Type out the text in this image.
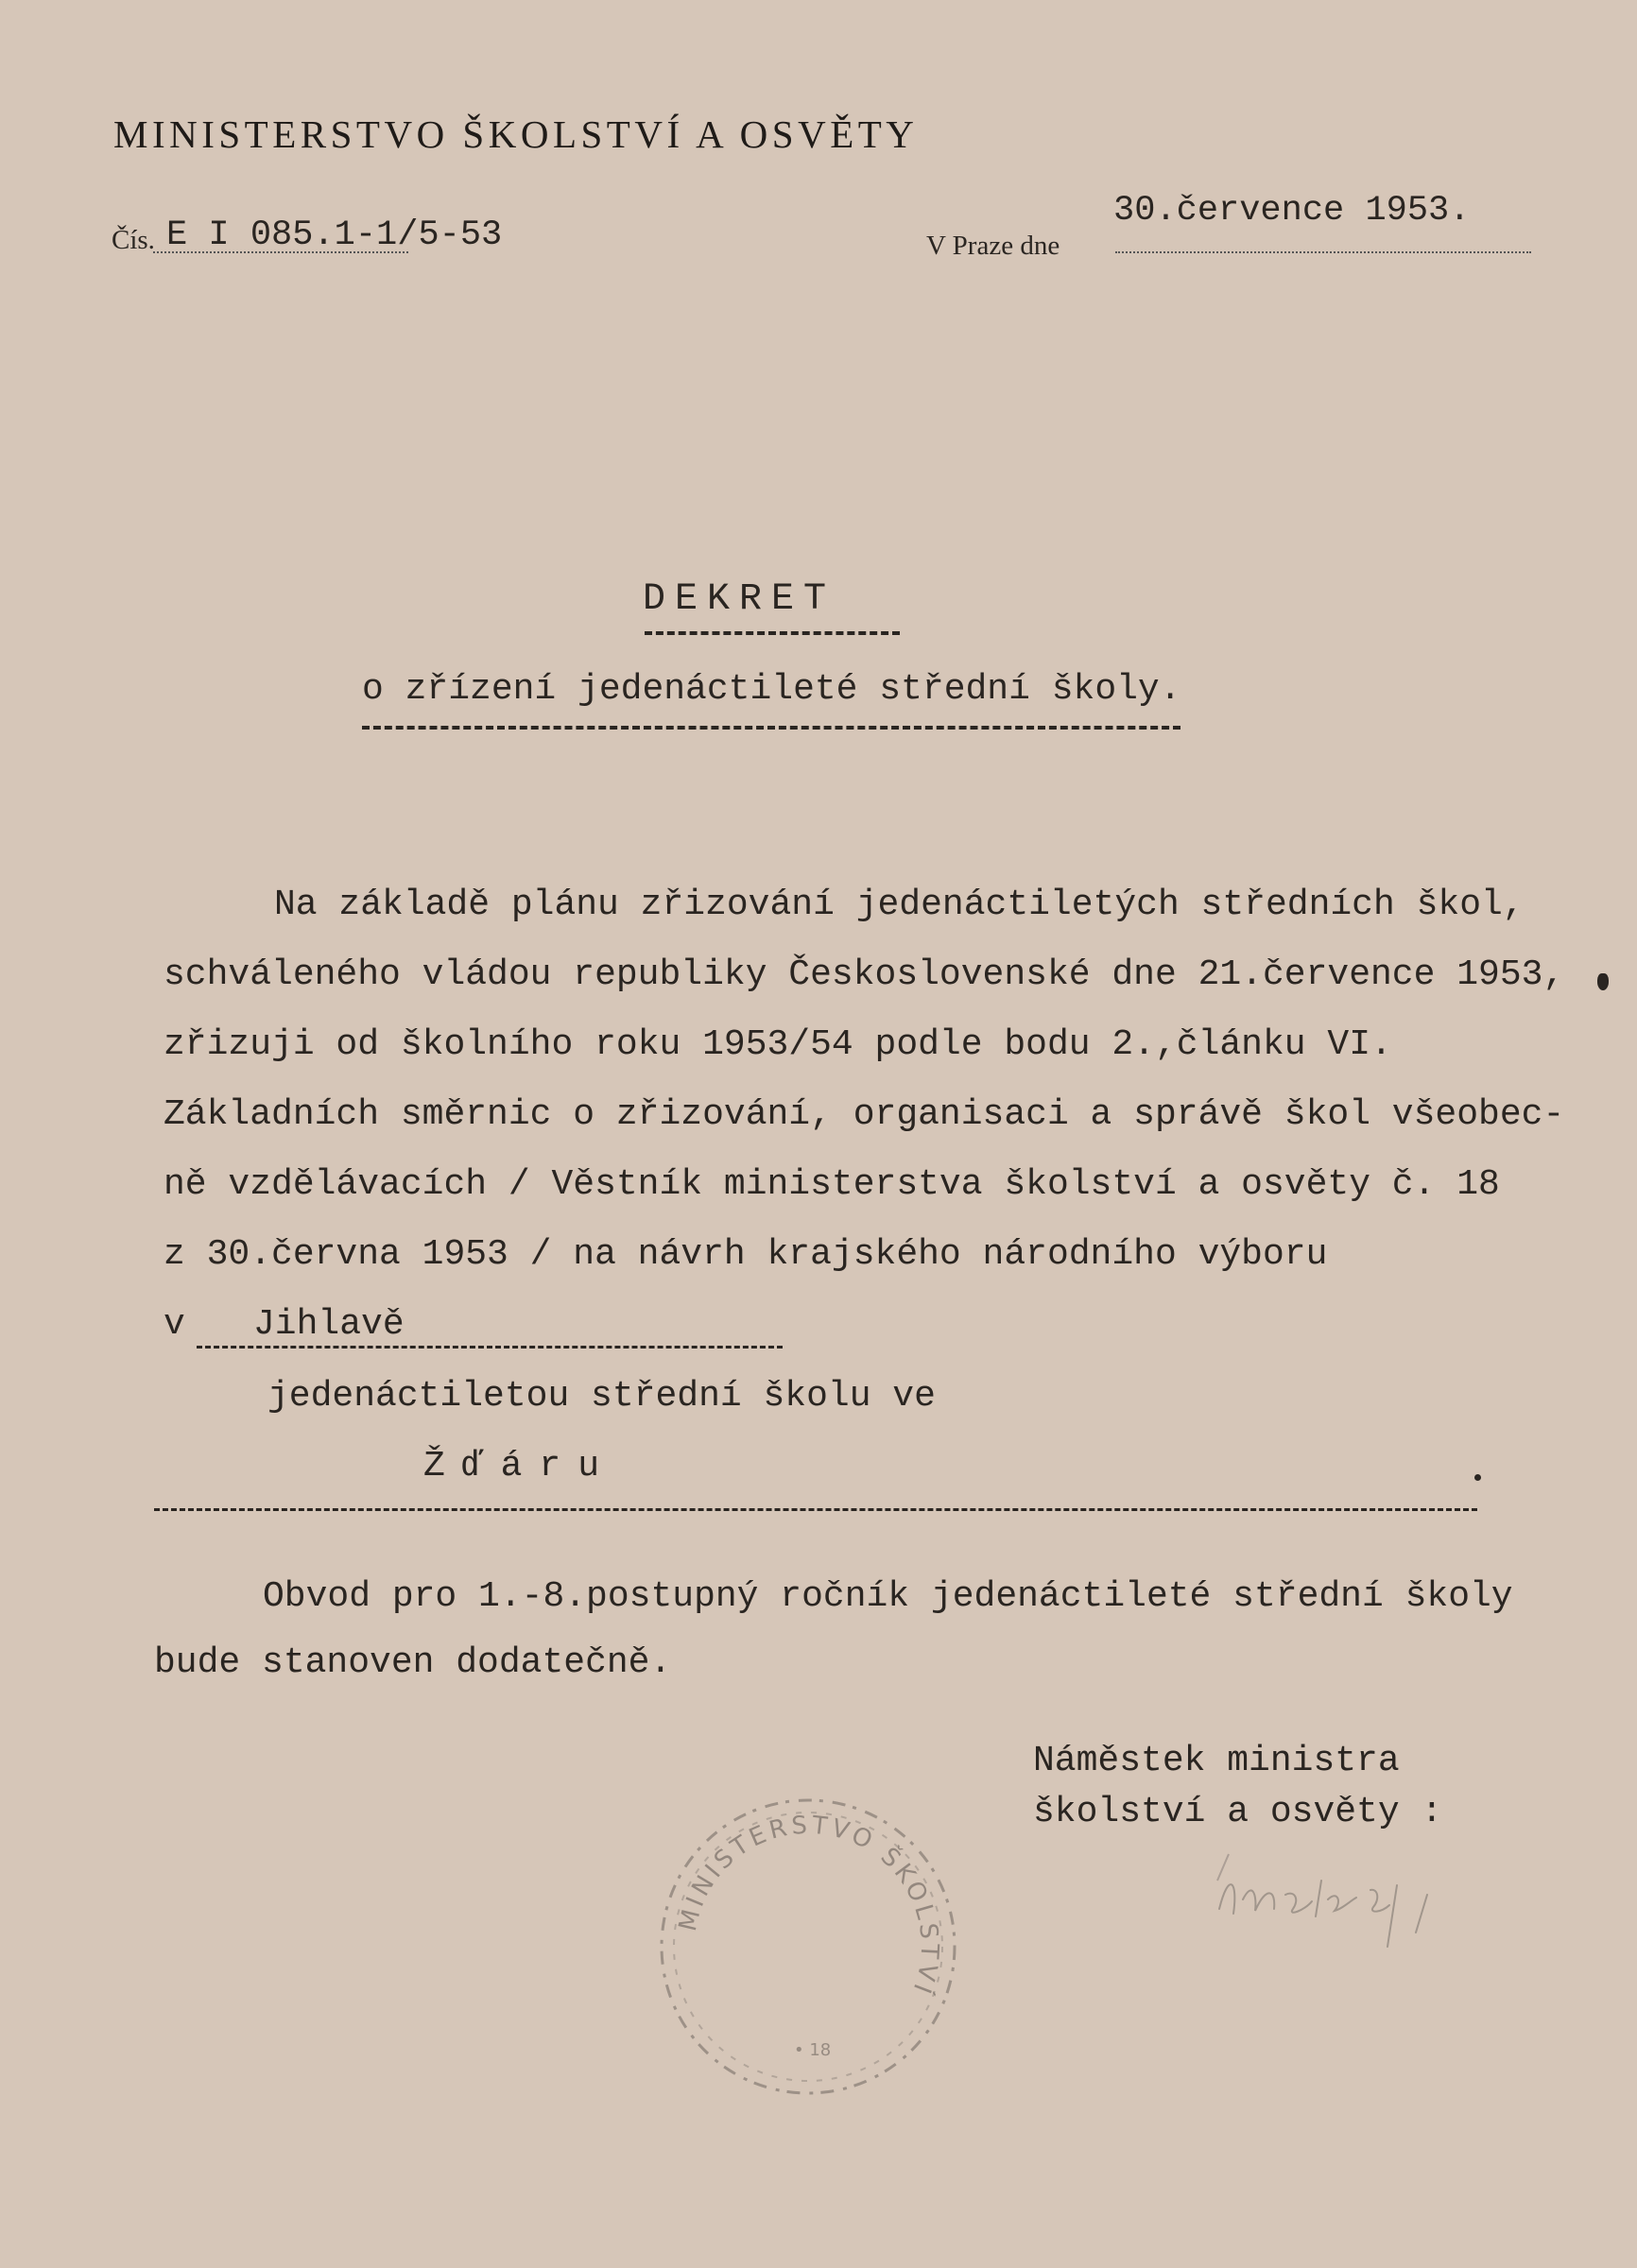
MINISTERSTVO ŠKOLSTVÍ A OSVĚTY
Čís. E I 085.1-1/5-53	V Praze dne
30.července 1953.
DEKRET
o zřízení jedenáctileté střední školy.
Na základě plánu zřizování jedenáctiletých středních škol,
schváleného vládou republiky Československé dne 21.července 1953,
zřizuji od školního roku 1953/54 podle bodu 2.,článku VI.
Základních směrnic o zřizování, organisaci a správě škol všeobec-
ně vzdělávacích / Věstník ministerstva školství a osvěty č. 18
z 30.června 1953 / na návrh krajského národního výboru
v Jihlavě
jedenáctiletou střední školu ve
Žďáru
Obvod pro 1.-8.postupný ročník jedenáctileté střední školy
bude stanoven dodatečně.
Náměstek ministra
školství a osvěty :
MINISTERSTVO ŠKOLSTVÍ
• 18
